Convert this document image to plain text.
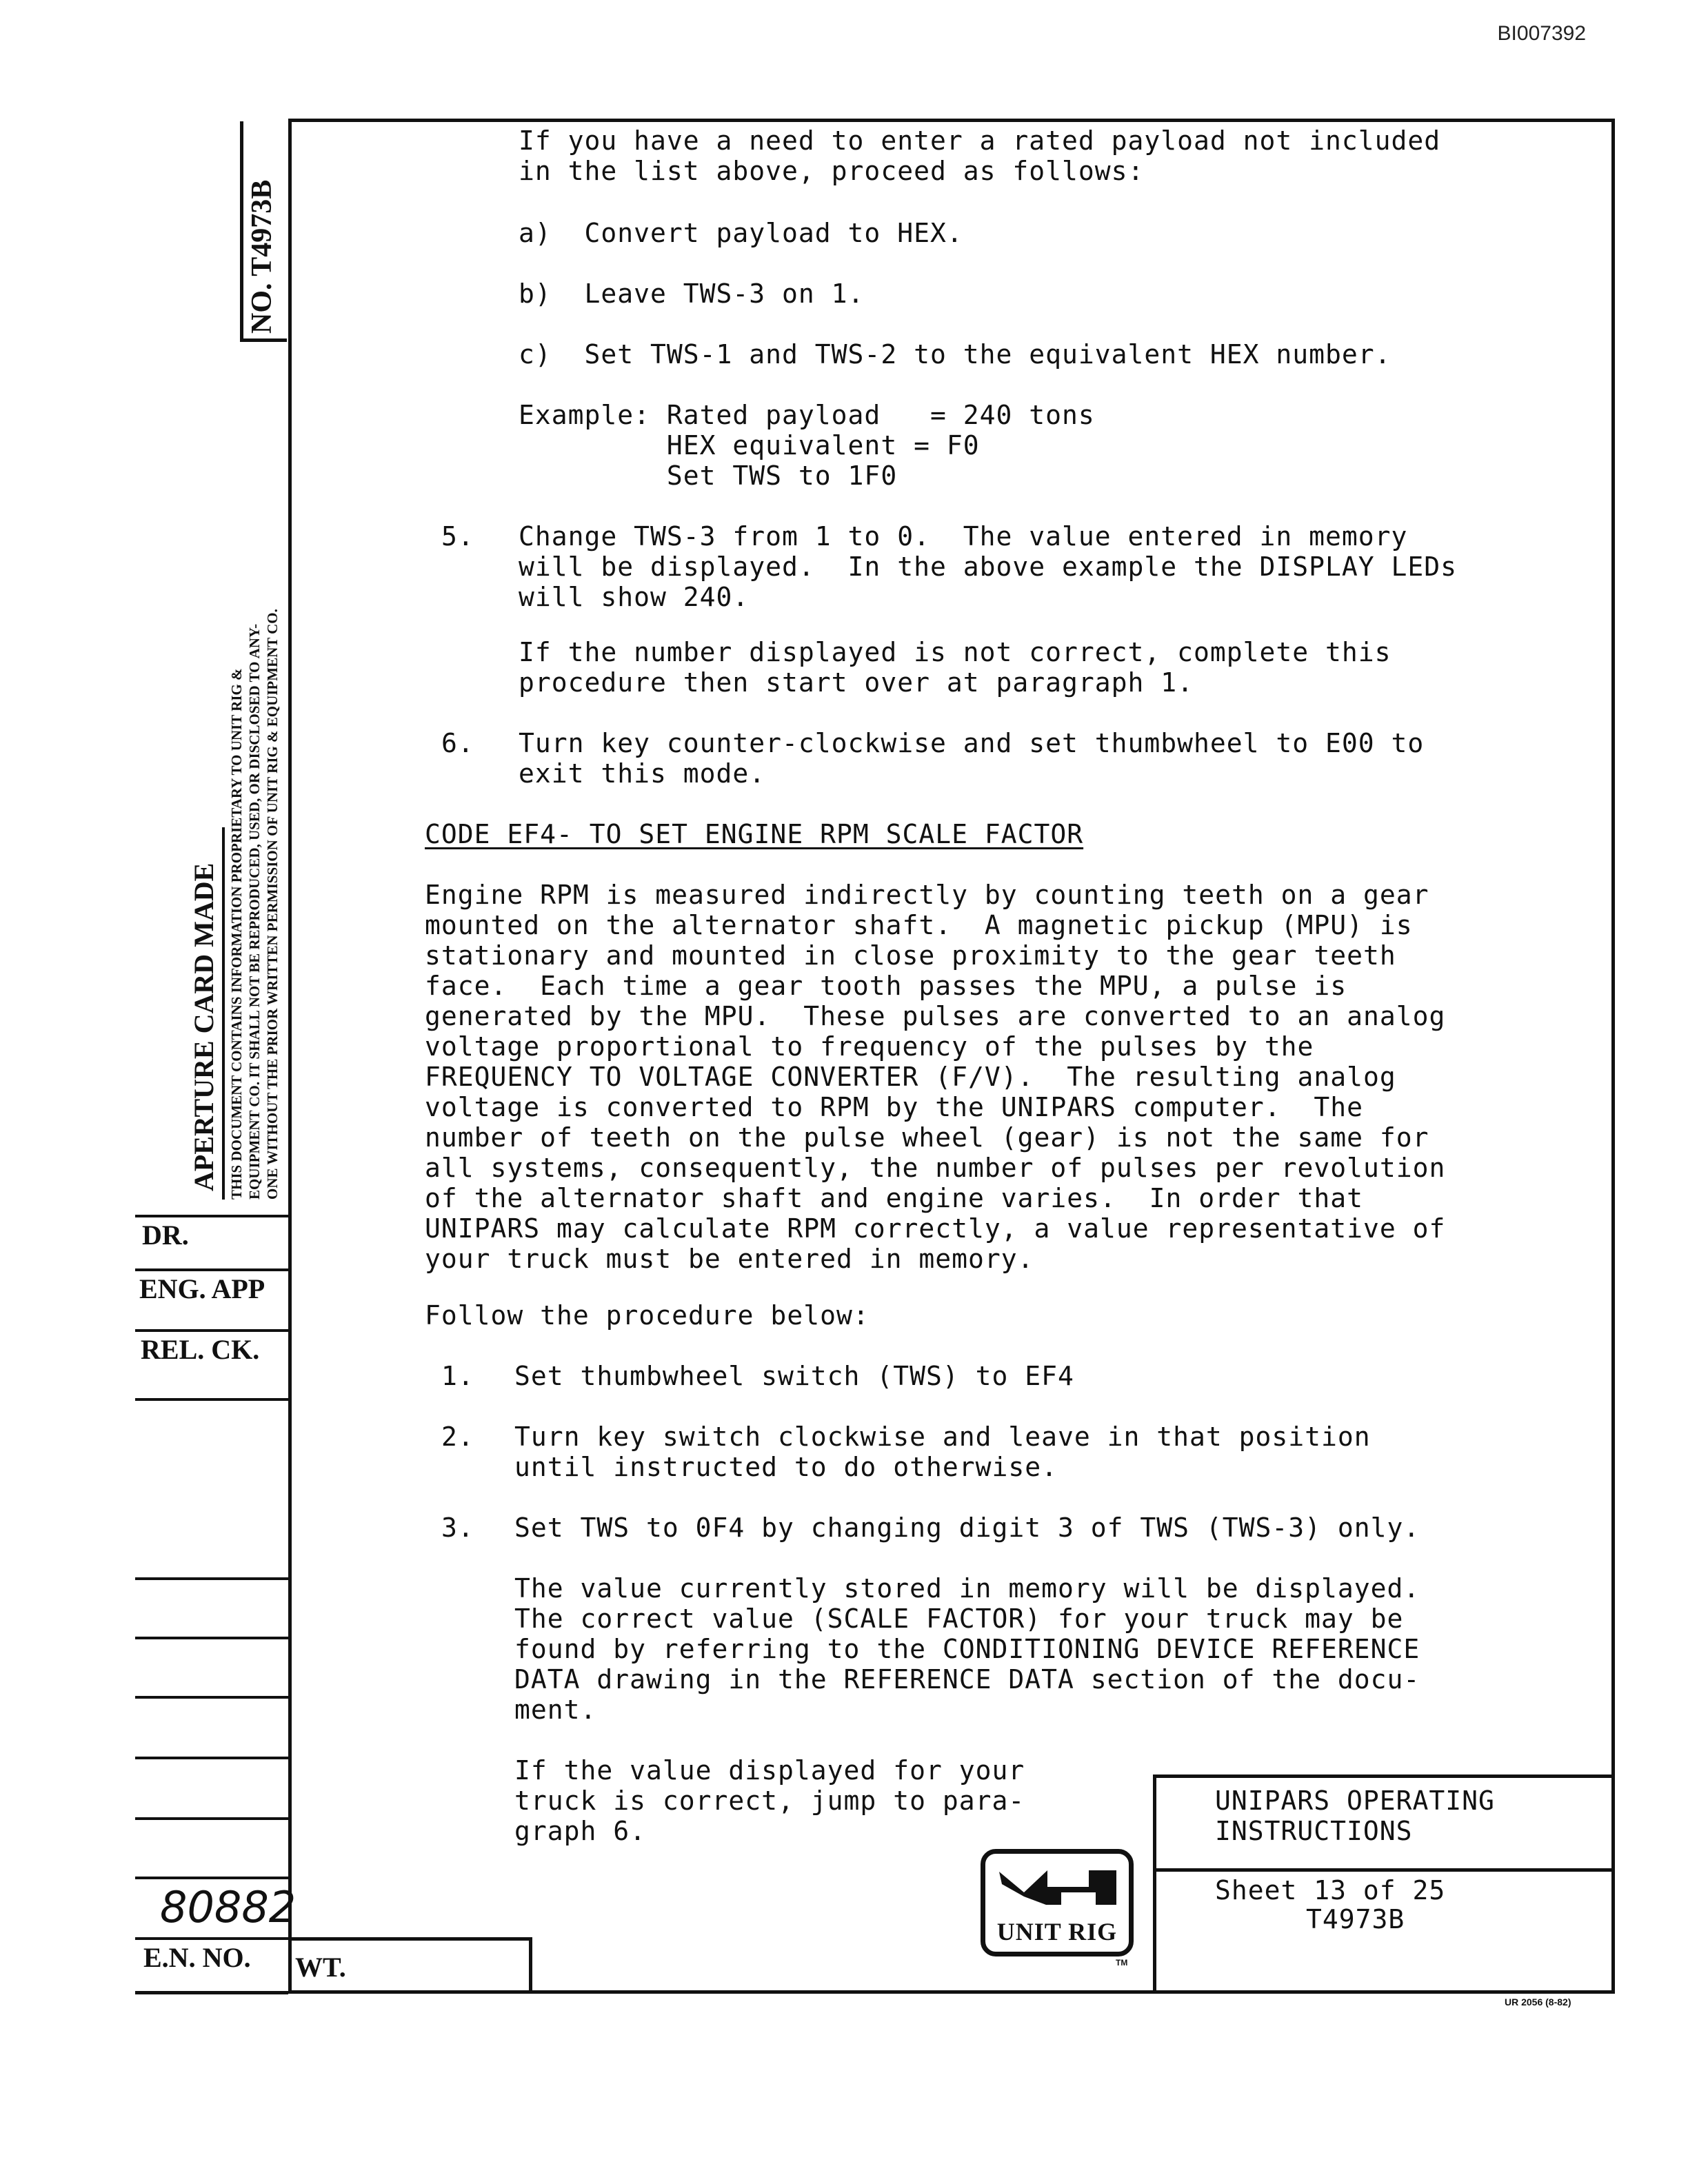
BI007392
NO. T4973B
THIS DOCUMENT CONTAINS INFORMATION PROPRIETARY TO UNIT RIG & EQUIPMENT CO. IT SHALL NOT BE REPRODUCED, USED, OR DISCLOSED TO ANY- ONE WITHOUT THE PRIOR WRITTEN PERMISSION OF UNIT RIG & EQUIPMENT CO.
APERTURE CARD MADE
DR.
ENG. APP
REL. CK.
80882
E.N. NO.
If you have a need to enter a rated payload not included
in the list above, proceed as follows:
a)  Convert payload to HEX.
b)  Leave TWS-3 on 1.
c)  Set TWS-1 and TWS-2 to the equivalent HEX number.
Example: Rated payload   = 240 tons
HEX equivalent = F0
Set TWS to 1F0
5. Change TWS-3 from 1 to 0.  The value entered in memory
will be displayed.  In the above example the DISPLAY LEDs
will show 240.
If the number displayed is not correct, complete this
procedure then start over at paragraph 1.
6. Turn key counter-clockwise and set thumbwheel to E00 to
exit this mode.
CODE EF4- TO SET ENGINE RPM SCALE FACTOR
Engine RPM is measured indirectly by counting teeth on a gear
mounted on the alternator shaft.  A magnetic pickup (MPU) is
stationary and mounted in close proximity to the gear teeth
face.  Each time a gear tooth passes the MPU, a pulse is
generated by the MPU.  These pulses are converted to an analog
voltage proportional to frequency of the pulses by the
FREQUENCY TO VOLTAGE CONVERTER (F/V).  The resulting analog
voltage is converted to RPM by the UNIPARS computer.  The
number of teeth on the pulse wheel (gear) is not the same for
all systems, consequently, the number of pulses per revolution
of the alternator shaft and engine varies.  In order that
UNIPARS may calculate RPM correctly, a value representative of
your truck must be entered in memory.
Follow the procedure below:
1. Set thumbwheel switch (TWS) to EF4
2. Turn key switch clockwise and leave in that position
until instructed to do otherwise.
3. Set TWS to 0F4 by changing digit 3 of TWS (TWS-3) only.
The value currently stored in memory will be displayed.
The correct value (SCALE FACTOR) for your truck may be
found by referring to the CONDITIONING DEVICE REFERENCE
DATA drawing in the REFERENCE DATA section of the docu-
ment.
If the value displayed for your
truck is correct, jump to para-
graph 6.
UNIPARS OPERATING
INSTRUCTIONS
Sheet 13 of 25
T4973B
UNIT RIG
TM
WT.
UR 2056 (8-82)
